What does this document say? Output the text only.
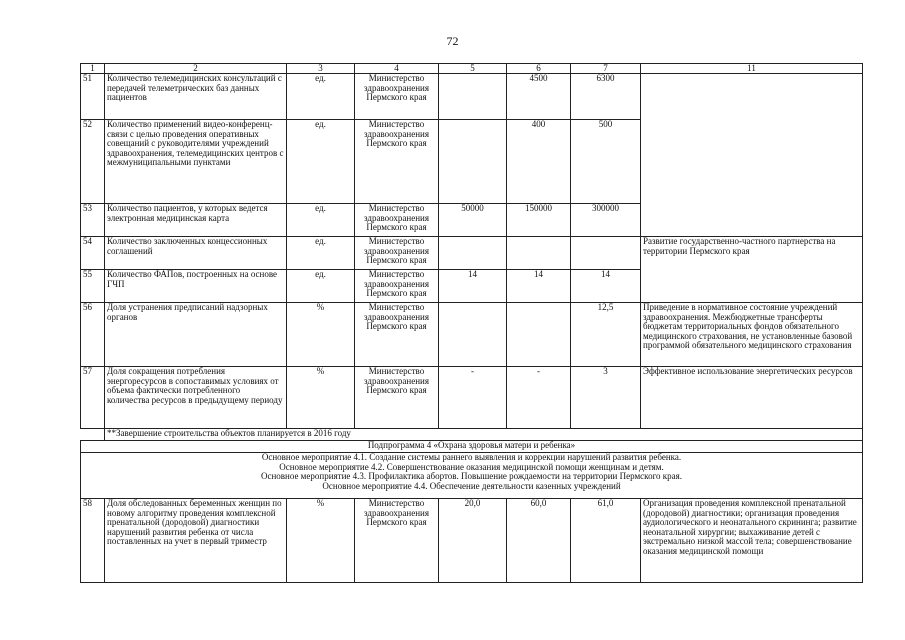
72
1	2	3	4	5	6	7	11
51	Количество телемедицинских консультаций с передачей телеметрических баз данных пациентов	ед.	Министерство здравоохранения Пермского края		4500	6300	
52	Количество применений видео-конференц-связи с целью проведения оперативных совещаний с руководителями учреждений здравоохранения, телемедицинских центров с межмуниципальными пунктами	ед.	Министерство здравоохранения Пермского края		400	500	
53	Количество пациентов, у которых ведется электронная медицинская карта	ед.	Министерство здравоохранения Пермского края	50000	150000	300000	
54	Количество заключенных концессионных соглашений	ед.	Министерство здравоохранения Пермского края				Развитие государственно-частного партнерства на территории Пермского края
55	Количество ФАПов, построенных на основе ГЧП	ед.	Министерство здравоохранения Пермского края	14	14	14	
56	Доля устранения предписаний надзорных органов	%	Министерство здравоохранения Пермского края			12,5	Приведение в нормативное состояние учреждений здравоохранения. Межбюджетные трансферты бюджетам территориальных фондов обязательного медицинского страхования, не установленные базовой программой обязательного медицинского страхования
57	Доля сокращения потребления энергоресурсов в сопоставимых условиях от объема фактически потребленного количества ресурсов в предыдущему периоду	%	Министерство здравоохранения Пермского края	-	-	3	Эффективное использование энергетических ресурсов
	**Завершение строительства объектов планируется в 2016 году						
Подпрограмма 4 «Охрана здоровья матери и ребенка»							

Основное мероприятие 4.1. Создание системы раннего выявления и коррекции нарушений развития ребенка.
Основное мероприятие 4.2. Совершенствование оказания медицинской помощи женщинам и детям.
Основное мероприятие 4.3. Профилактика абортов. Повышение рождаемости на территории Пермского края.
Основное мероприятие 4.4. Обеспечение деятельности казенных учреждений							

58	Доля обследованных беременных женщин по новому алгоритму проведения комплексной пренатальной (дородовой) диагностики нарушений развития ребенка от числа поставленных на учет в первый триместр	%	Министерство здравоохранения Пермского края	20,0	60,0	61,0	Организация проведения комплексной пренатальной (дородовой) диагностики; организация проведения аудиологического и неонатального скрининга; развитие неонатальной хирургии; выхаживание детей с экстремально низкой массой тела; совершенствование оказания медицинской помощи
